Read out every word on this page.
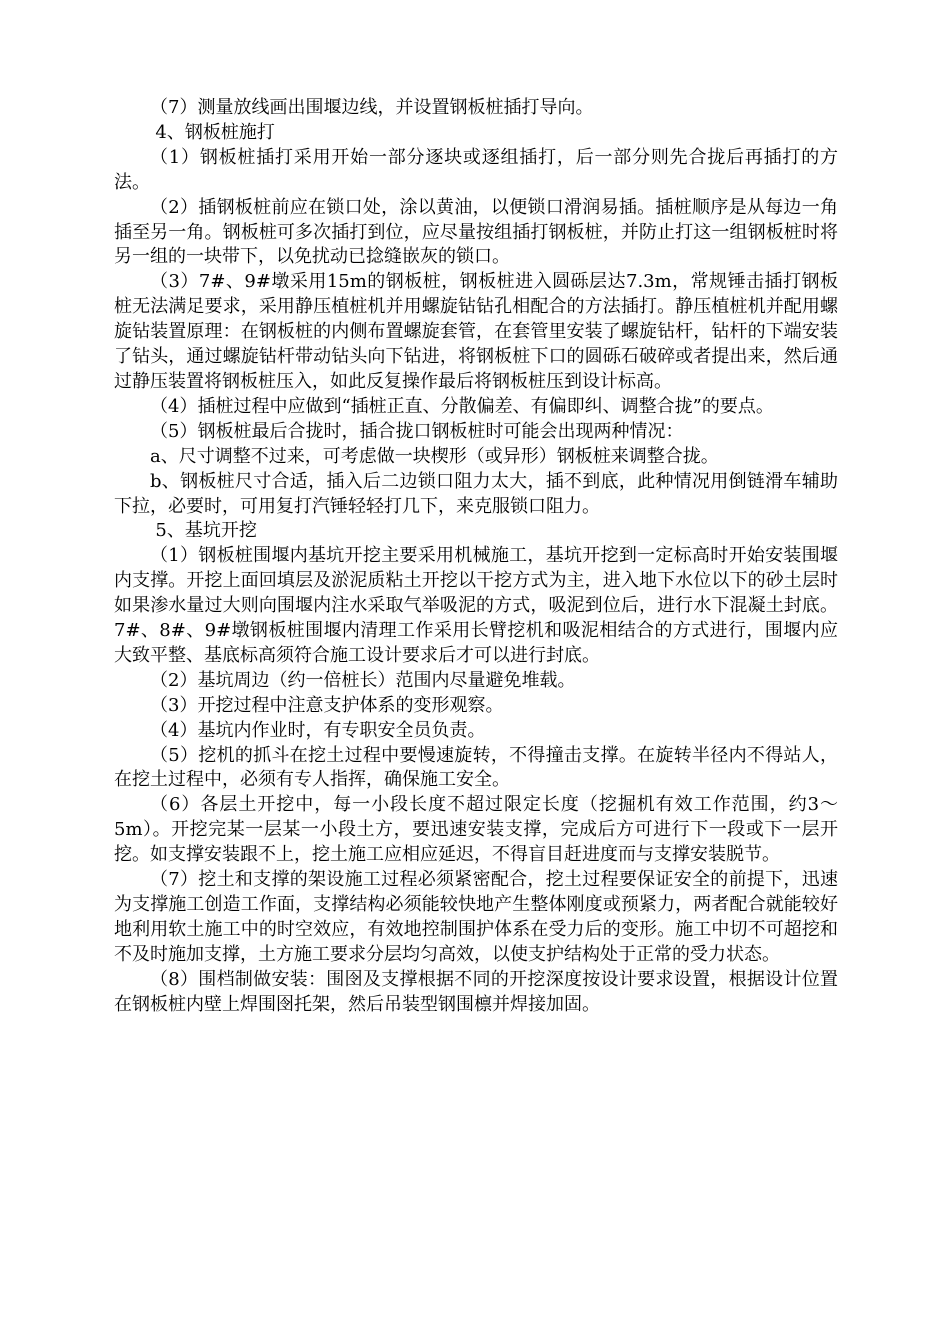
（7）测量放线画出围堰边线，并设置钢板桩插打导向。

4、钢板桩施打

（1）钢板桩插打采用开始一部分逐块或逐组插打，后一部分则先合拢后再插打的方法。

（2）插钢板桩前应在锁口处，涂以黄油，以便锁口滑润易插。插桩顺序是从每边一角插至另一角。钢板桩可多次插打到位，应尽量按组插打钢板桩，并防止打这一组钢板桩时将另一组的一块带下，以免扰动已捻缝嵌灰的锁口。

（3）7#、9#墩采用15m的钢板桩，钢板桩进入圆砾层达7.3m，常规锤击插打钢板桩无法满足要求，采用静压植桩机并用螺旋钻钻孔相配合的方法插打。静压植桩机并配用螺旋钻装置原理：在钢板桩的内侧布置螺旋套管，在套管里安装了螺旋钻杆，钻杆的下端安装了钻头，通过螺旋钻杆带动钻头向下钻进，将钢板桩下口的圆砾石破碎或者提出来，然后通过静压装置将钢板桩压入，如此反复操作最后将钢板桩压到设计标高。

（4）插桩过程中应做到“插桩正直、分散偏差、有偏即纠、调整合拢”的要点。

（5）钢板桩最后合拢时，插合拢口钢板桩时可能会出现两种情况：

a、尺寸调整不过来，可考虑做一块楔形（或异形）钢板桩来调整合拢。

b、钢板桩尺寸合适，插入后二边锁口阻力太大，插不到底，此种情况用倒链滑车辅助下拉，必要时，可用复打汽锤轻轻打几下，来克服锁口阻力。

5、基坑开挖

（1）钢板桩围堰内基坑开挖主要采用机械施工，基坑开挖到一定标高时开始安装围堰内支撑。开挖上面回填层及淤泥质粘土开挖以干挖方式为主，进入地下水位以下的砂土层时如果渗水量过大则向围堰内注水采取气举吸泥的方式，吸泥到位后，进行水下混凝土封底。7#、8#、9#墩钢板桩围堰内清理工作采用长臂挖机和吸泥相结合的方式进行，围堰内应大致平整、基底标高须符合施工设计要求后才可以进行封底。

（2）基坑周边（约一倍桩长）范围内尽量避免堆载。

（3）开挖过程中注意支护体系的变形观察。

（4）基坑内作业时，有专职安全员负责。

（5）挖机的抓斗在挖土过程中要慢速旋转，不得撞击支撑。在旋转半径内不得站人，在挖土过程中，必须有专人指挥，确保施工安全。

（6）各层土开挖中，每一小段长度不超过限定长度（挖掘机有效工作范围，约3～5m）。开挖完某一层某一小段土方，要迅速安装支撑，完成后方可进行下一段或下一层开挖。如支撑安装跟不上，挖土施工应相应延迟，不得盲目赶进度而与支撑安装脱节。

（7）挖土和支撑的架设施工过程必须紧密配合，挖土过程要保证安全的前提下，迅速为支撑施工创造工作面，支撑结构必须能较快地产生整体刚度或预紧力，两者配合就能较好地利用软土施工中的时空效应，有效地控制围护体系在受力后的变形。施工中切不可超挖和不及时施加支撑，土方施工要求分层均匀高效，以使支护结构处于正常的受力状态。

（8）围档制做安装：围囹及支撑根据不同的开挖深度按设计要求设置，根据设计位置在钢板桩内壁上焊围囹托架，然后吊装型钢围檩并焊接加固。
